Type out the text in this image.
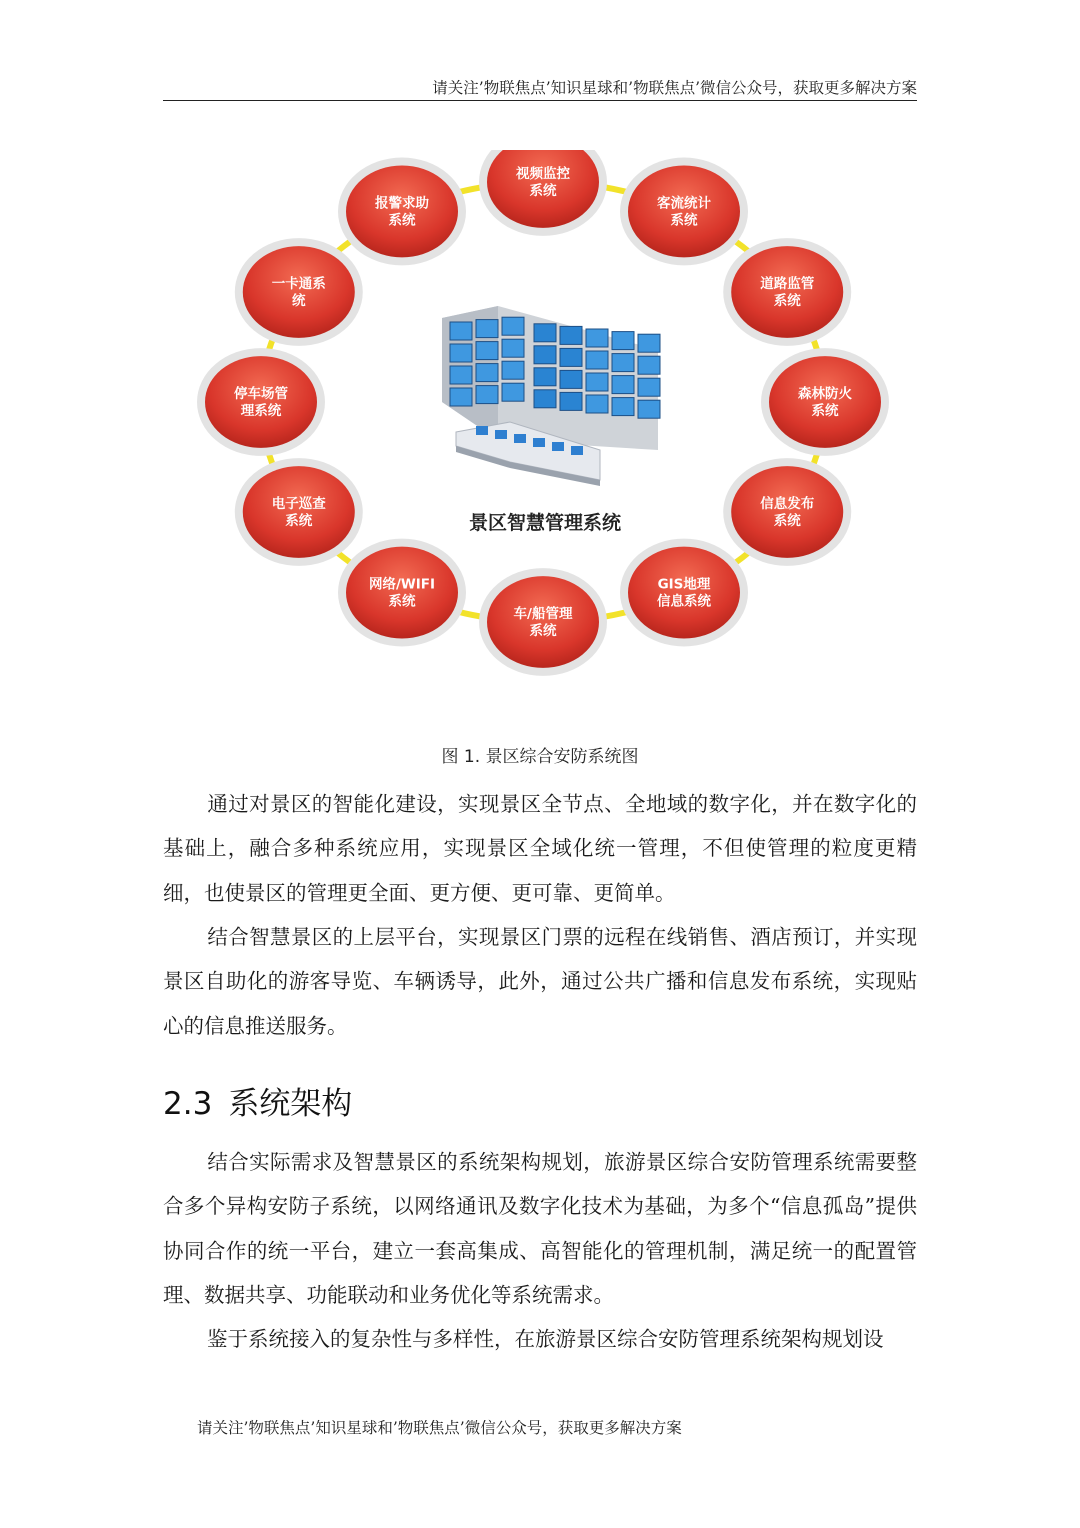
请关注’物联焦点’知识星球和’物联焦点’微信公众号，获取更多解决方案
景区智慧管理系统
视频监控
系统
客流统计
系统
道路监管
系统
森林防火
系统
信息发布
系统
GIS地理
信息系统
车/船管理
系统
网络/WIFI
系统
电子巡查
系统
停车场管
理系统
一卡通系
统
报警求助
系统
图 1. 景区综合安防系统图

通过对景区的智能化建设，实现景区全节点、全地域的数字化，并在数字化的基础上，融合多种系统应用，实现景区全域化统一管理，不但使管理的粒度更精细，也使景区的管理更全面、更方便、更可靠、更简单。

结合智慧景区的上层平台，实现景区门票的远程在线销售、酒店预订，并实现景区自助化的游客导览、车辆诱导，此外，通过公共广播和信息发布系统，实现贴心的信息推送服务。

2.3 系统架构

结合实际需求及智慧景区的系统架构规划，旅游景区综合安防管理系统需要整合多个异构安防子系统，以网络通讯及数字化技术为基础，为多个“信息孤岛”提供协同合作的统一平台，建立一套高集成、高智能化的管理机制，满足统一的配置管理、数据共享、功能联动和业务优化等系统需求。

鉴于系统接入的复杂性与多样性，在旅游景区综合安防管理系统架构规划设

请关注’物联焦点’知识星球和’物联焦点’微信公众号，获取更多解决方案
